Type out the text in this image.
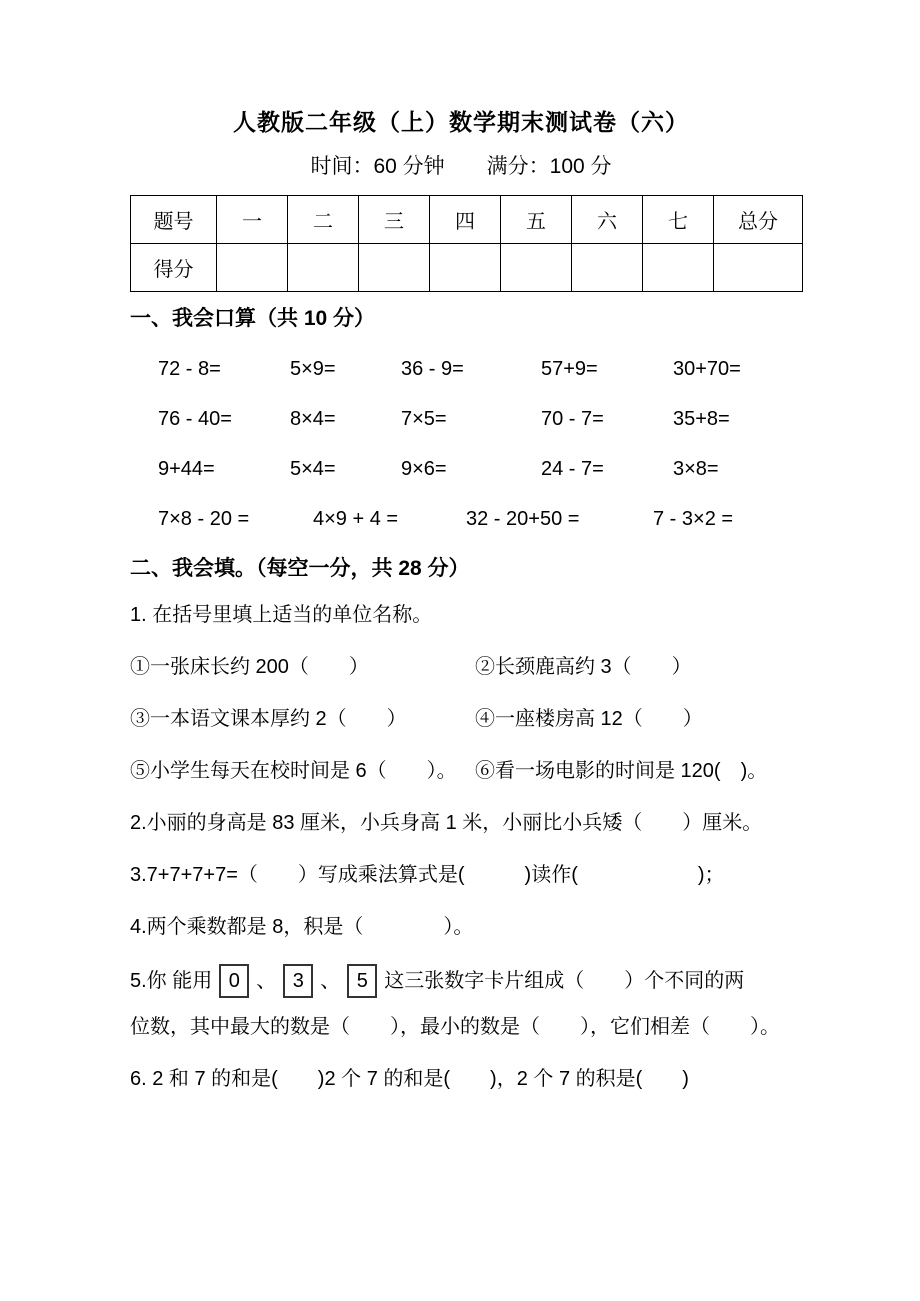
人教版二年级（上）数学期末测试卷（六）
时间：60 分钟　　满分：100 分
题号	一	二	三	四	五	六	七	总分
得分								
一、我会口算（共 10 分）
72 - 8=	5×9=	36 - 9=	57+9=	30+70=
76 - 40=	8×4=	7×5=	70 - 7=	35+8=
9+44=	5×4=	9×6=	24 - 7=	3×8=
7×8 - 20 =	4×9 + 4 =	32 - 20+50 =	7 - 3×2 =
二、我会填。（每空一分，共 28 分）
1. 在括号里填上适当的单位名称。
①一张床长约 200（　　）	②长颈鹿高约 3（　　）
③一本语文课本厚约 2（　　）	④一座楼房高 12（　　）
⑤小学生每天在校时间是 6（　　）。 ⑥看一场电影的时间是 120(　)。
2.小丽的身高是 83 厘米，小兵身高 1 米，小丽比小兵矮（　　）厘米。
3.7+7+7+7=（　　）写成乘法算式是(　　　)读作(　　　　　　)；
4.两个乘数都是 8，积是（　　　　）。
5.你 能用 0 、 3 、 5 这三张数字卡片组成（　　）个不同的两
位数，其中最大的数是（　　），最小的数是（　　），它们相差（　　）。
6. 2 和 7 的和是(　　)2 个 7 的和是(　　)，2 个 7 的积是(　　)
